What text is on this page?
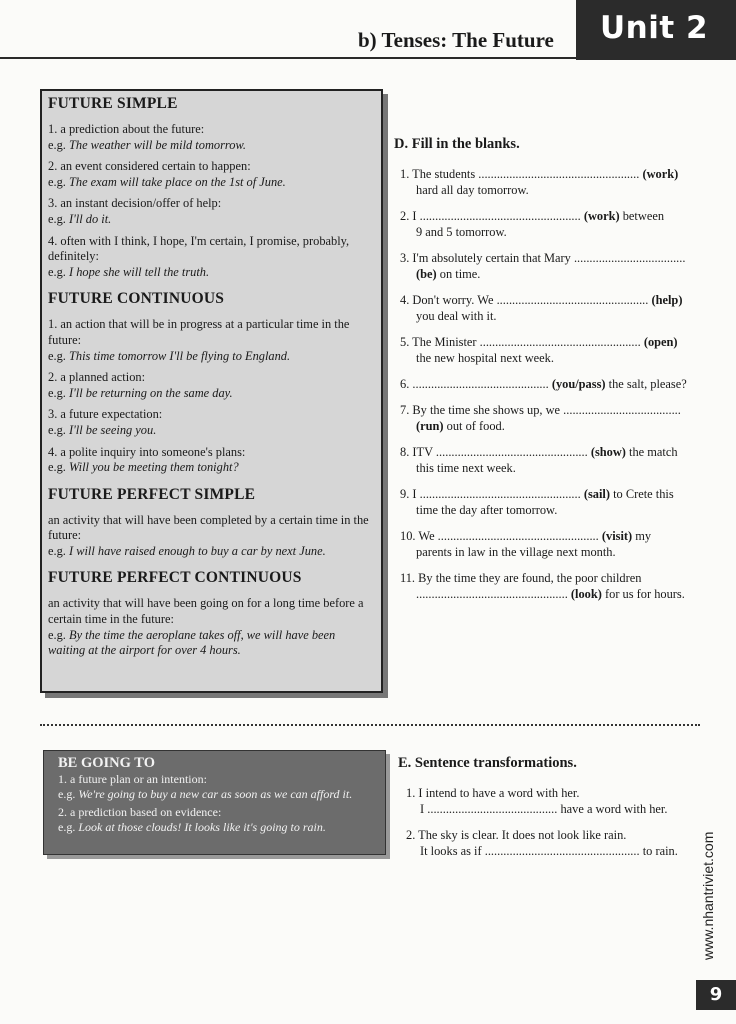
b) Tenses: The Future Unit 2
FUTURE SIMPLE
1. a prediction about the future:
e.g. The weather will be mild tomorrow.
2. an event considered certain to happen:
e.g. The exam will take place on the 1st of June.
3. an instant decision/offer of help:
e.g. I'll do it.
4. often with I think, I hope, I'm certain, I promise, probably, definitely:
e.g. I hope she will tell the truth.
FUTURE CONTINUOUS
1. an action that will be in progress at a particular time in the future:
e.g. This time tomorrow I'll be flying to England.
2. a planned action:
e.g. I'll be returning on the same day.
3. a future expectation:
e.g. I'll be seeing you.
4. a polite inquiry into someone's plans:
e.g. Will you be meeting them tonight?
FUTURE PERFECT SIMPLE
an activity that will have been completed by a certain time in the future:
e.g. I will have raised enough to buy a car by next June.
FUTURE PERFECT CONTINUOUS
an activity that will have been going on for a long time before a certain time in the future:
e.g. By the time the aeroplane takes off, we will have been waiting at the airport for over 4 hours.
D. Fill in the blanks.
1. The students .................................................... (work)
hard all day tomorrow.
2. I .................................................... (work) between
9 and 5 tomorrow.
3. I'm absolutely certain that Mary ....................................
(be) on time.
4. Don't worry. We ................................................. (help)
you deal with it.
5. The Minister .................................................... (open)
the new hospital next week.
6. ............................................ (you/pass) the salt, please?
7. By the time she shows up, we ......................................
(run) out of food.
8. ITV ................................................. (show) the match
this time next week.
9. I .................................................... (sail) to Crete this
time the day after tomorrow.
10. We .................................................... (visit) my
parents in law in the village next month.
11. By the time they are found, the poor children
................................................. (look) for us for hours.
BE GOING TO
1. a future plan or an intention:
e.g. We're going to buy a new car as soon as we can afford it.
2. a prediction based on evidence:
e.g. Look at those clouds! It looks like it's going to rain.
E. Sentence transformations.
1. I intend to have a word with her.
I .......................................... have a word with her.
2. The sky is clear. It does not look like rain.
It looks as if .................................................. to rain.	www.nhantriviet.com
9
